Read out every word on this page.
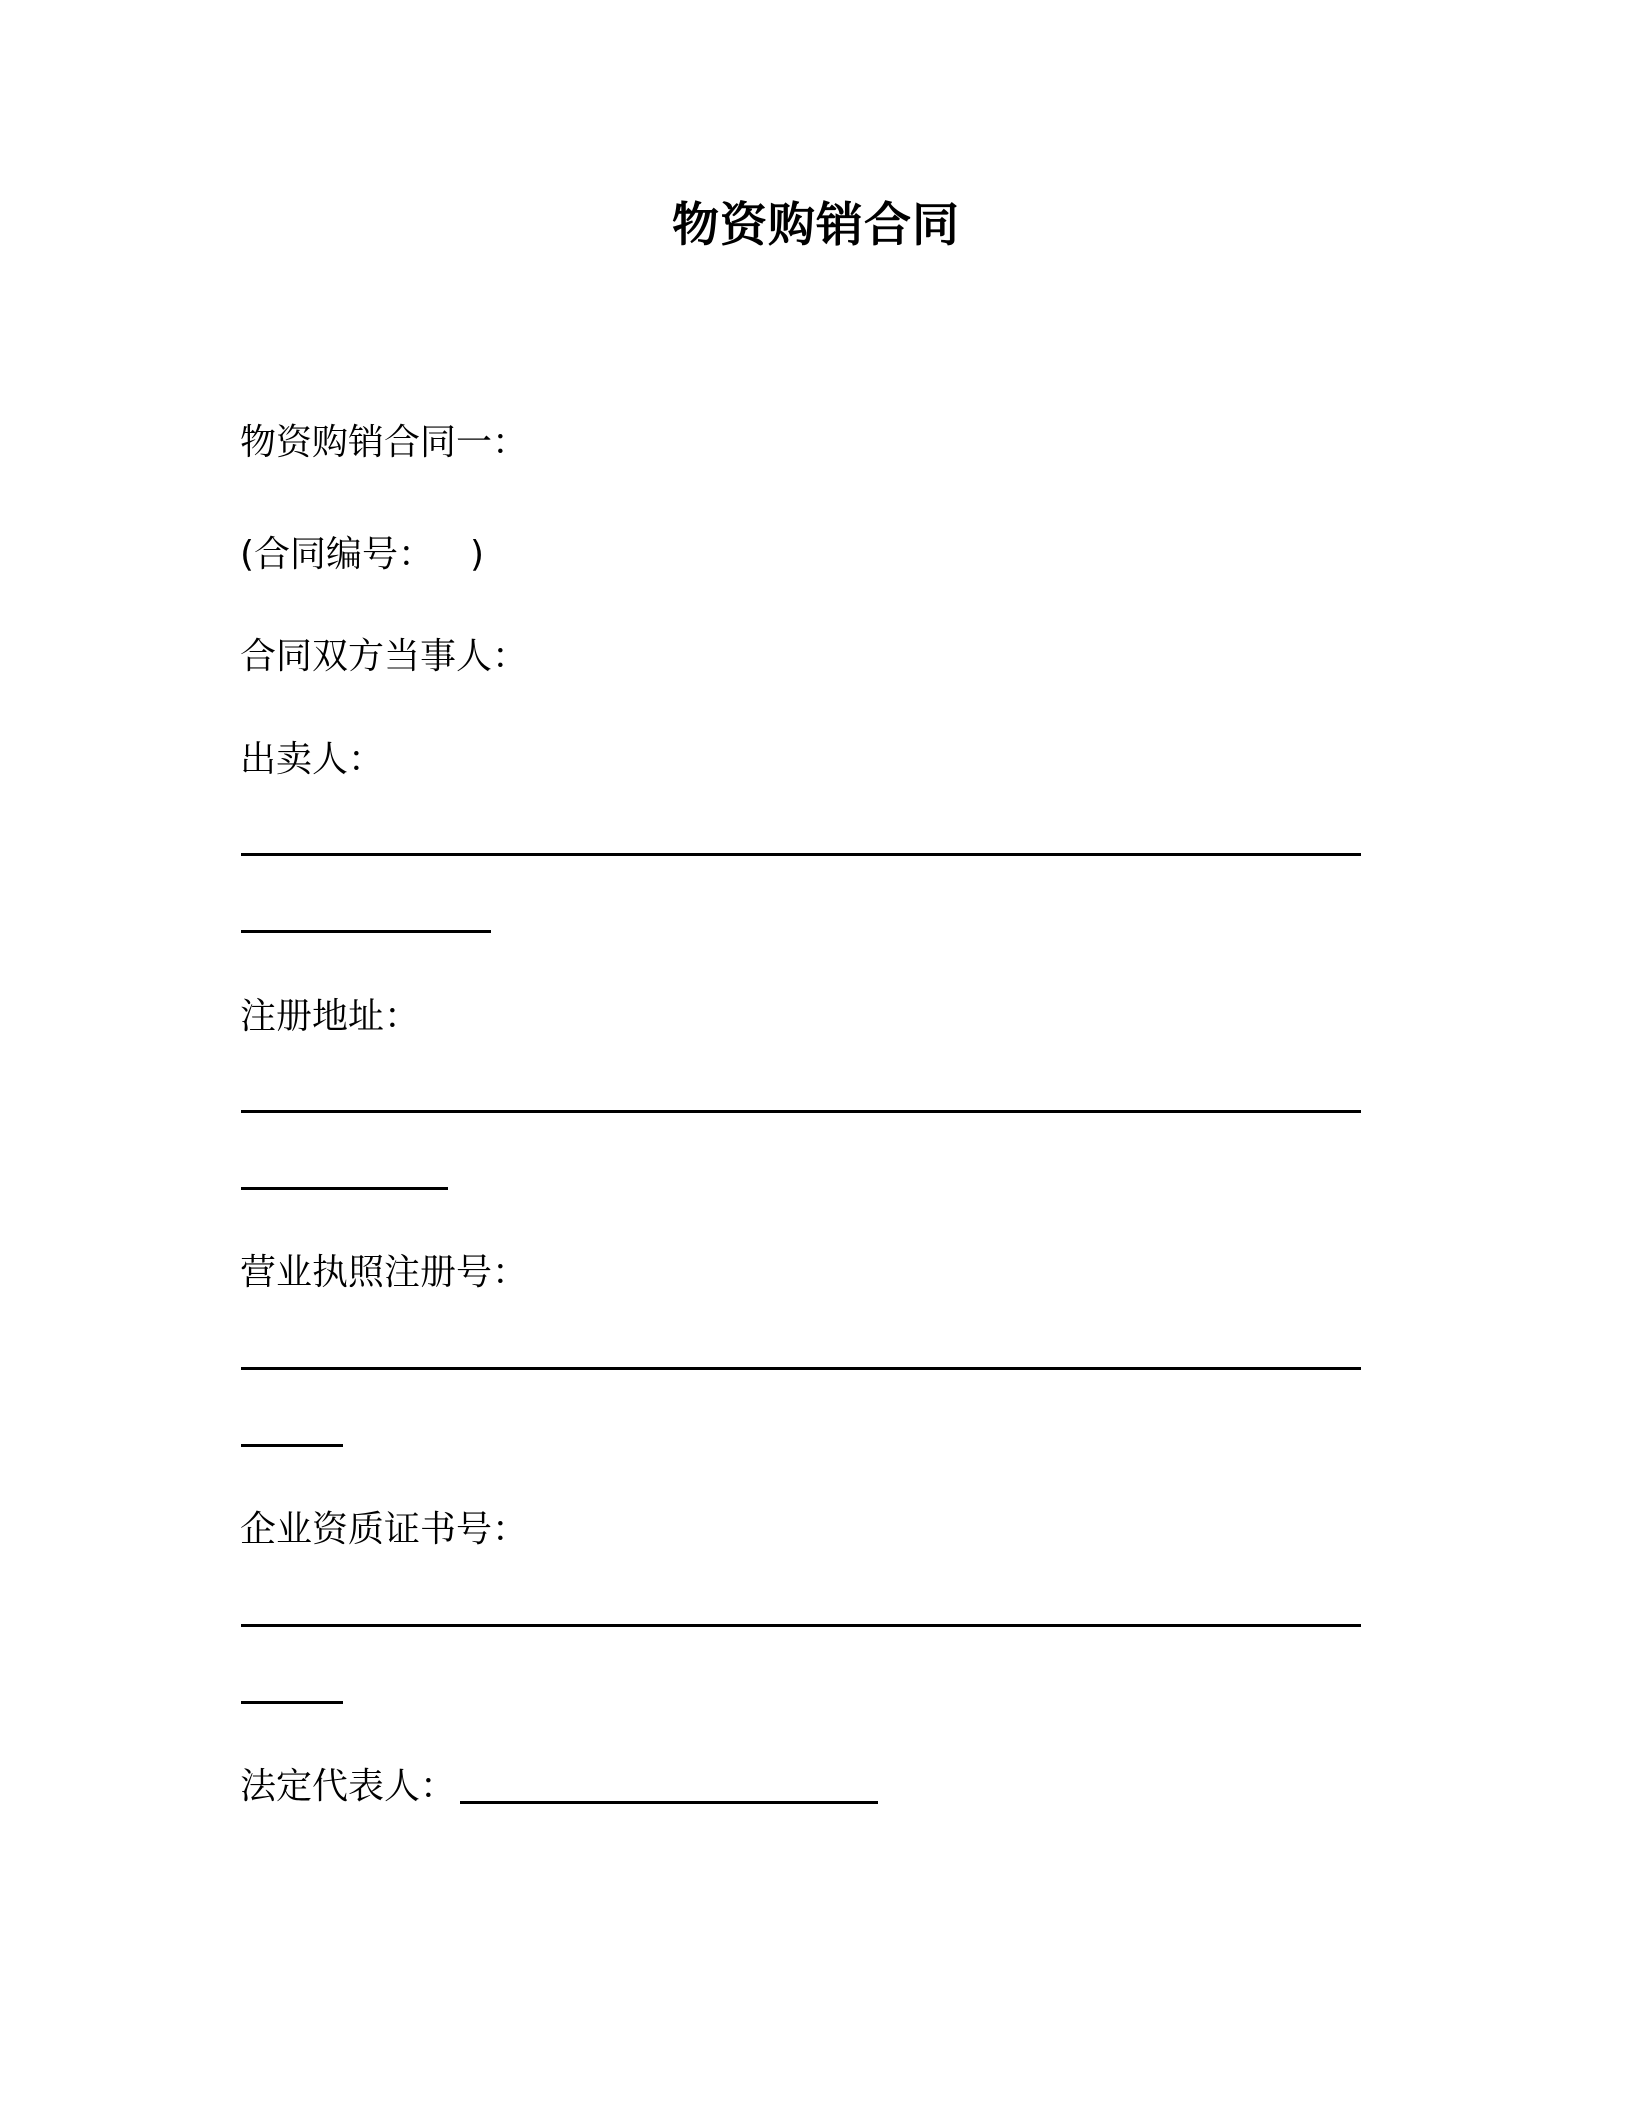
物资购销合同
物资购销合同一：
(合同编号： )
合同双方当事人：
出卖人：
注册地址：
营业执照注册号：
企业资质证书号：
法定代表人：
